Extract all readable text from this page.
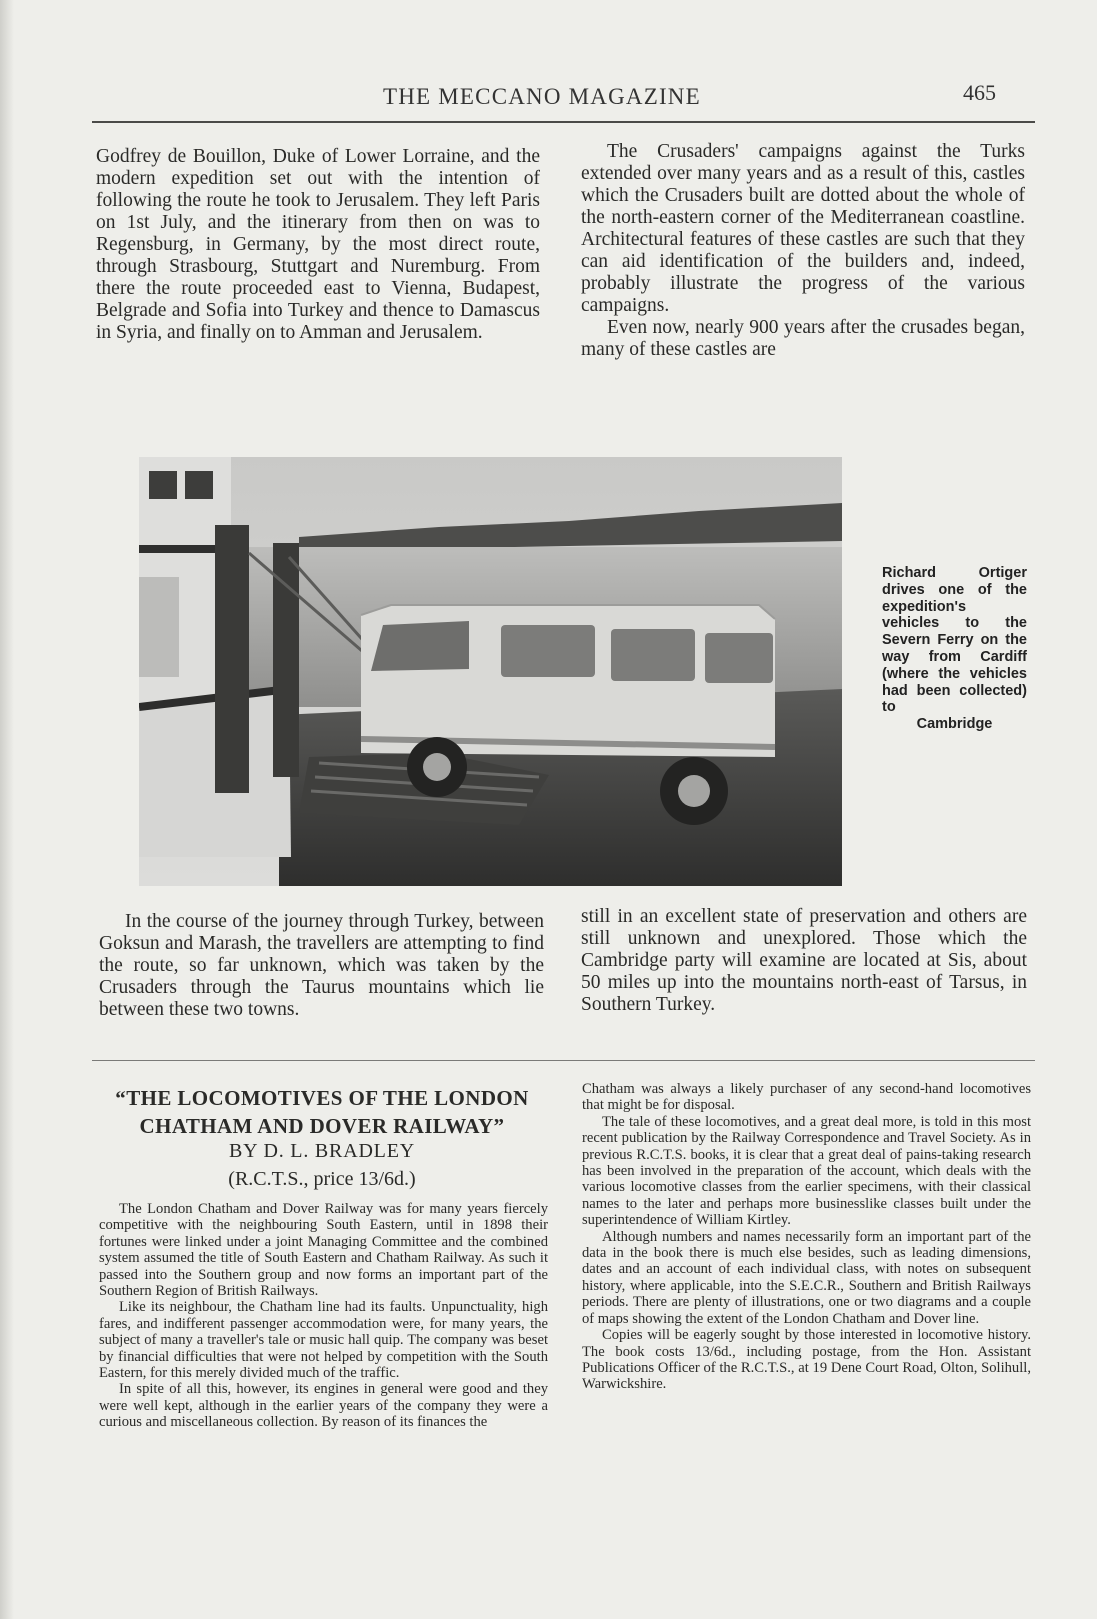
THE MECCANO MAGAZINE	465

Godfrey de Bouillon, Duke of Lower Lorraine, and the modern expedition set out with the intention of following the route he took to Jerusalem. They left Paris on 1st July, and the itinerary from then on was to Regensburg, in Germany, by the most direct route, through Strasbourg, Stuttgart and Nuremburg. From there the route proceeded east to Vienna, Budapest, Belgrade and Sofia into Turkey and thence to Damascus in Syria, and finally on to Amman and Jerusalem.

The Crusaders' campaigns against the Turks extended over many years and as a result of this, castles which the Crusaders built are dotted about the whole of the north-eastern corner of the Mediterranean coastline. Architectural features of these castles are such that they can aid identification of the builders and, indeed, probably illustrate the progress of the various campaigns.

Even now, nearly 900 years after the crusades began, many of these castles are

Richard Ortiger drives one of the expedition's vehicles to the Severn Ferry on the way from Cardiff (where the vehicles had been collected) to
Cambridge

In the course of the journey through Turkey, between Goksun and Marash, the travellers are attempting to find the route, so far unknown, which was taken by the Crusaders through the Taurus mountains which lie between these two towns.

still in an excellent state of preservation and others are still unknown and unexplored. Those which the Cambridge party will examine are located at Sis, about 50 miles up into the mountains north-east of Tarsus, in Southern Turkey.

“THE LOCOMOTIVES OF THE LONDON
CHATHAM AND DOVER RAILWAY”
BY D. L. BRADLEY
(R.C.T.S., price 13/6d.)

The London Chatham and Dover Railway was for many years fiercely competitive with the neighbouring South Eastern, until in 1898 their fortunes were linked under a joint Managing Committee and the combined system assumed the title of South Eastern and Chatham Railway. As such it passed into the Southern group and now forms an important part of the Southern Region of British Railways.

Like its neighbour, the Chatham line had its faults. Unpunctuality, high fares, and indifferent passenger accommodation were, for many years, the subject of many a traveller's tale or music hall quip. The company was beset by financial difficulties that were not helped by competition with the South Eastern, for this merely divided much of the traffic.

In spite of all this, however, its engines in general were good and they were well kept, although in the earlier years of the company they were a curious and miscellaneous collection. By reason of its finances the

Chatham was always a likely purchaser of any second-hand locomotives that might be for disposal.

The tale of these locomotives, and a great deal more, is told in this most recent publication by the Railway Correspondence and Travel Society. As in previous R.C.T.S. books, it is clear that a great deal of pains-taking research has been involved in the preparation of the account, which deals with the various locomotive classes from the earlier specimens, with their classical names to the later and perhaps more businesslike classes built under the superintendence of William Kirtley.

Although numbers and names necessarily form an important part of the data in the book there is much else besides, such as leading dimensions, dates and an account of each individual class, with notes on subsequent history, where applicable, into the S.E.C.R., Southern and British Railways periods. There are plenty of illustrations, one or two diagrams and a couple of maps showing the extent of the London Chatham and Dover line.

Copies will be eagerly sought by those interested in locomotive history. The book costs 13/6d., including postage, from the Hon. Assistant Publications Officer of the R.C.T.S., at 19 Dene Court Road, Olton, Solihull, Warwickshire.
